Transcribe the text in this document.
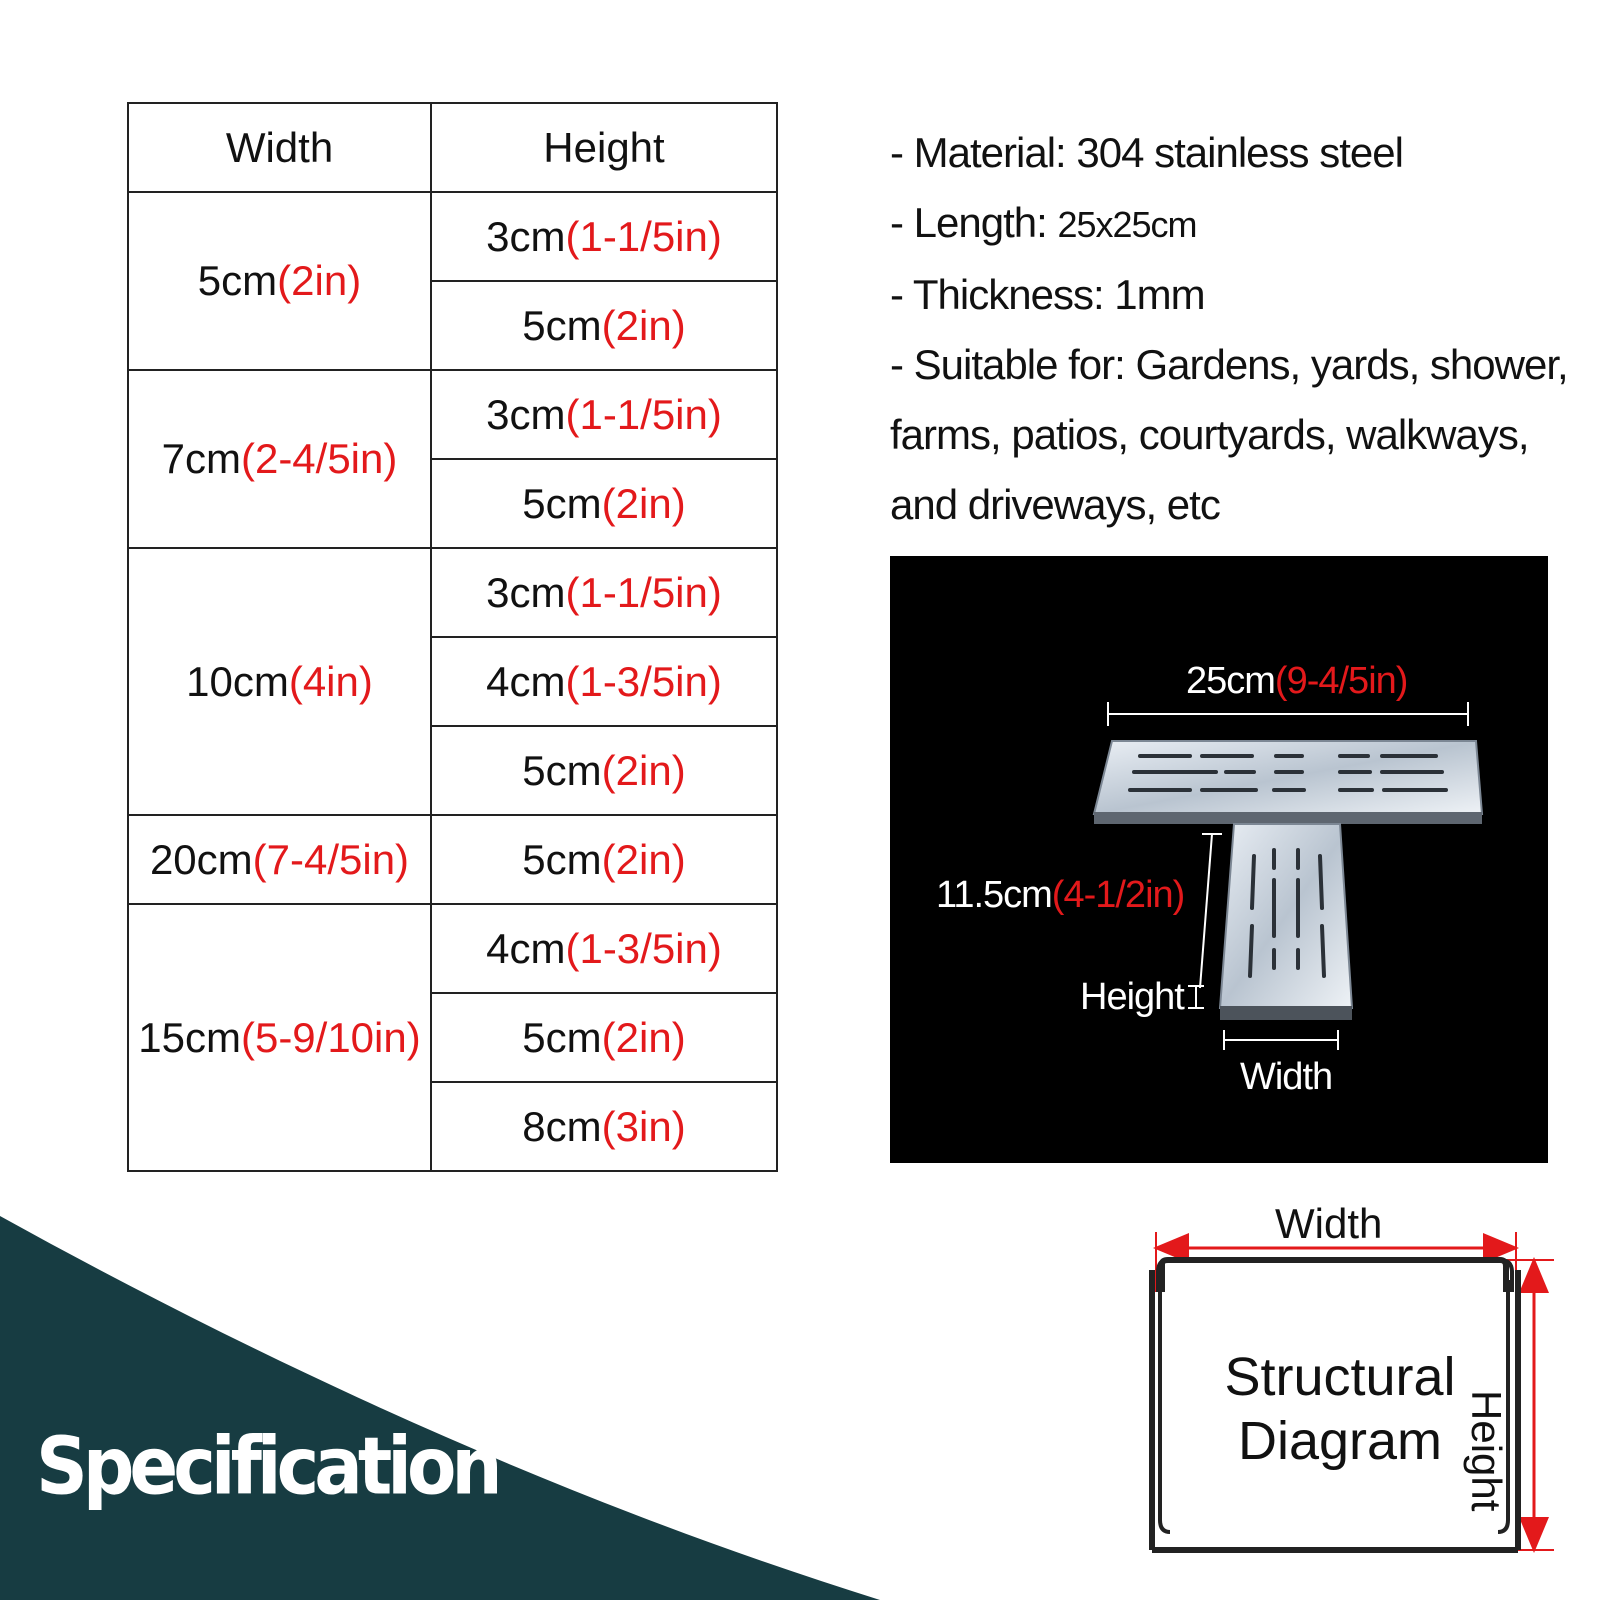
Width	Height
5cm(2in)	3cm(1-1/5in)
	5cm(2in)
7cm(2-4/5in)	3cm(1-1/5in)
	5cm(2in)
10cm(4in)	3cm(1-1/5in)
	4cm(1-3/5in)
	5cm(2in)
20cm(7-4/5in)	5cm(2in)
15cm(5-9/10in)	4cm(1-3/5in)
	5cm(2in)
	8cm(3in)
- Material: 304 stainless steel
- Length: 25x25cm
- Thickness: 1mm
- Suitable for: Gardens, yards, shower, farms, patios, courtyards, walkways, and driveways, etc
25cm(9-4/5in)
11.5cm(4-1/2in)
Height
Width
Specification
Width
Height
Structural
Diagram
